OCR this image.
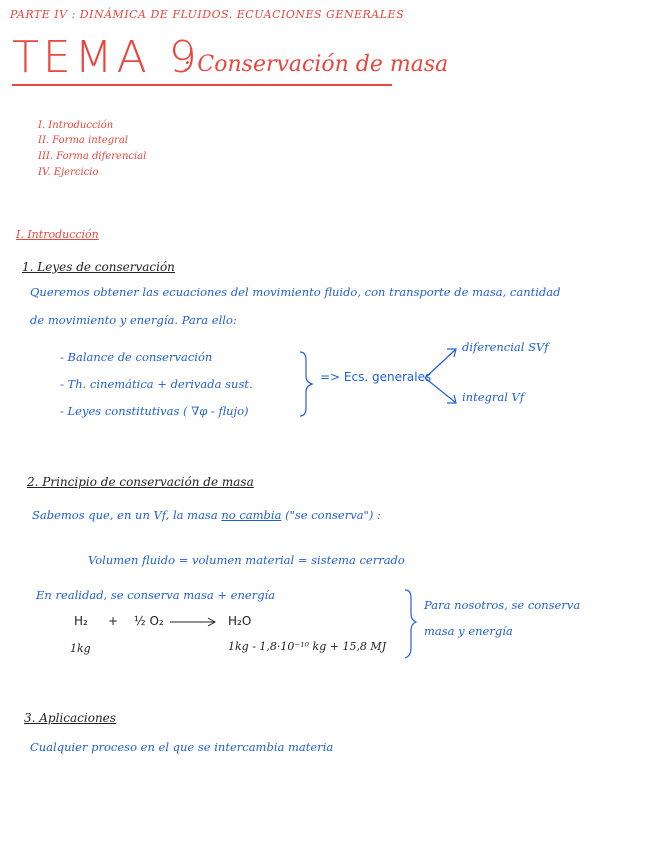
PARTE IV : DINÁMICA DE FLUIDOS. ECUACIONES GENERALES
TEMA 9
: Conservación de masa
I. Introducción
II. Forma integral
III. Forma diferencial
IV. Ejercicio
I. Introducción
1. Leyes de conservación
Queremos obtener las ecuaciones del movimiento fluido, con transporte de masa, cantidad
de movimiento y energía. Para ello:
- Balance de conservación
- Th. cinemática + derivada sust.
- Leyes constitutivas ( ∇φ - flujo)
=> Ecs. generales
diferencial SVf
integral Vf
2. Principio de conservación de masa
Sabemos que, en un Vf, la masa no cambia ("se conserva") :
Volumen fluido = volumen material = sistema cerrado
En realidad, se conserva masa + energía
H₂ + ½ O₂	H₂O
1kg	1kg - 1,8·10⁻¹⁰ kg + 15,8 MJ
Para nosotros, se conserva
masa y energía
3. Aplicaciones
Cualquier proceso en el que se intercambia materia
